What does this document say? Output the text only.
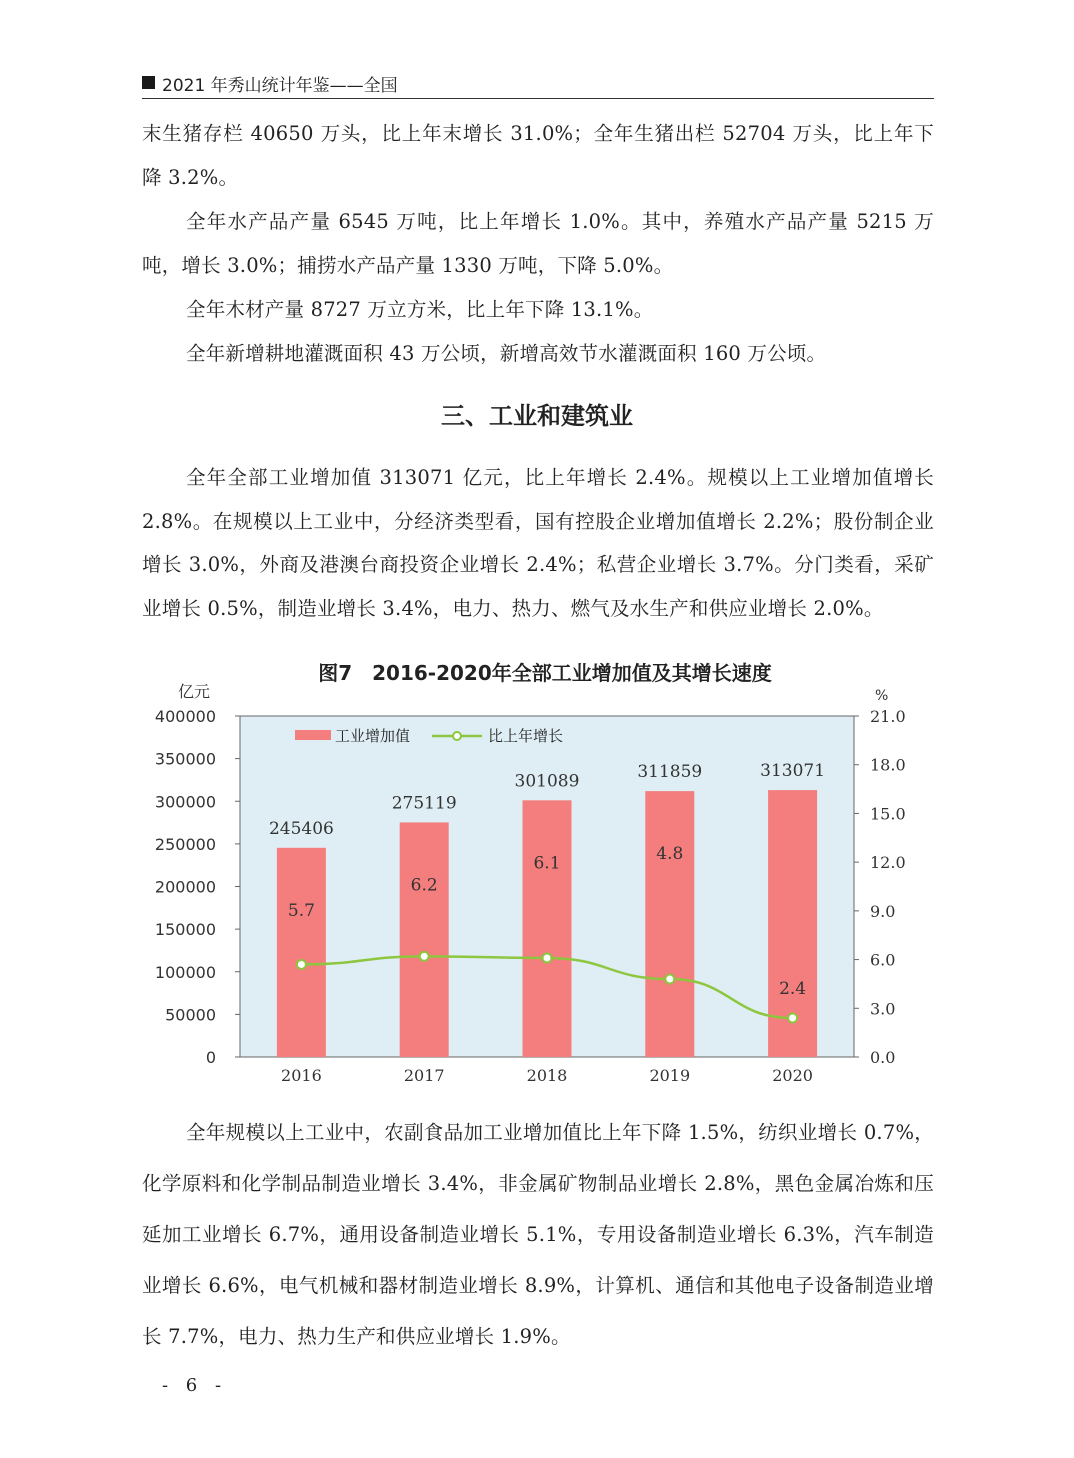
2021 年秀山统计年鉴——全国
末生猪存栏 40650 万头，比上年末增长 31.0%；全年生猪出栏 52704 万头，比上年下降 3.2%。
全年水产品产量 6545 万吨，比上年增长 1.0%。其中，养殖水产品产量 5215 万吨，增长 3.0%；捕捞水产品产量 1330 万吨，下降 5.0%。
全年木材产量 8727 万立方米，比上年下降 13.1%。
全年新增耕地灌溉面积 43 万公顷，新增高效节水灌溉面积 160 万公顷。
三、工业和建筑业
全年全部工业增加值 313071 亿元，比上年增长 2.4%。规模以上工业增加值增长 2.8%。在规模以上工业中，分经济类型看，国有控股企业增加值增长 2.2%；股份制企业增长 3.0%，外商及港澳台商投资企业增长 2.4%；私营企业增长 3.7%。分门类看，采矿业增长 0.5%，制造业增长 3.4%，电力、热力、燃气及水生产和供应业增长 2.0%。
图7　2016-2020年全部工业增加值及其增长速度
亿元	%
400000
350000
300000
250000
200000
150000
100000
50000
0
21.0
18.0
15.0
12.0
9.0
6.0
3.0
0.0
245406
275119
301089	311859	313071
5.7
6.2
6.1	4.8
2.4
2016	2017	2018	2019	2020
工业增加值	比上年增长
全年规模以上工业中，农副食品加工业增加值比上年下降 1.5%，纺织业增长 0.7%，化学原料和化学制品制造业增长 3.4%，非金属矿物制品业增长 2.8%，黑色金属冶炼和压延加工业增长 6.7%，通用设备制造业增长 5.1%，专用设备制造业增长 6.3%，汽车制造业增长 6.6%，电气机械和器材制造业增长 8.9%，计算机、通信和其他电子设备制造业增长 7.7%，电力、热力生产和供应业增长 1.9%。
- 6 -
